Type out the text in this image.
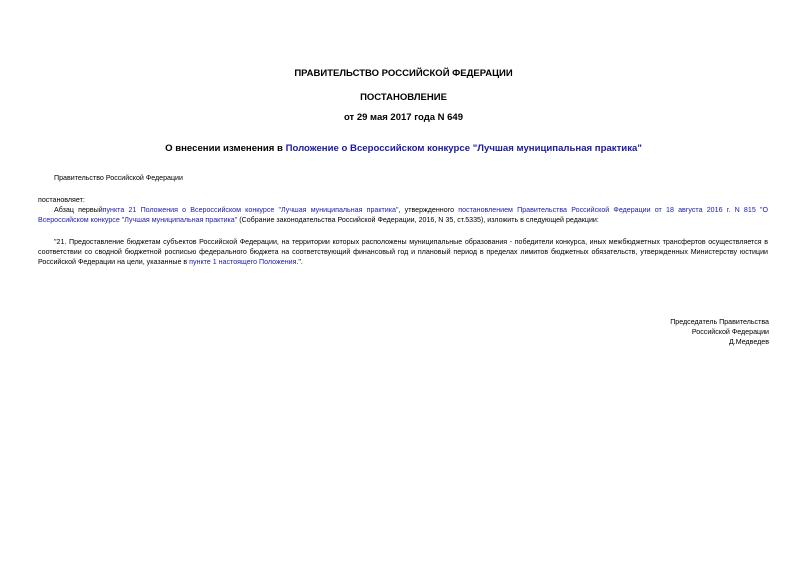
ПРАВИТЕЛЬСТВО РОССИЙСКОЙ ФЕДЕРАЦИИ
ПОСТАНОВЛЕНИЕ
от 29 мая 2017 года N 649
О внесении изменения в Положение о Всероссийском конкурсе "Лучшая муниципальная практика"
Правительство Российской Федерации
постановляет:
Абзац первыйпункта 21 Положения о Всероссийском конкурсе "Лучшая муниципальная практика", утвержденного постановлением Правительства Российской Федерации от 18 августа 2016 г. N 815 "О Всероссийском конкурсе "Лучшая муниципальная практика" (Собрание законодательства Российской Федерации, 2016, N 35, ст.5335), изложить в следующей редакции:
"21. Предоставление бюджетам субъектов Российской Федерации, на территории которых расположены муниципальные образования - победители конкурса, иных межбюджетных трансфертов осуществляется в соответствии со сводной бюджетной росписью федерального бюджета на соответствующий финансовый год и плановый период в пределах лимитов бюджетных обязательств, утвержденных Министерству юстиции Российской Федерации на цели, указанные в пункте 1 настоящего Положения.".
Председатель Правительства
Российской Федерации
Д.Медведев
